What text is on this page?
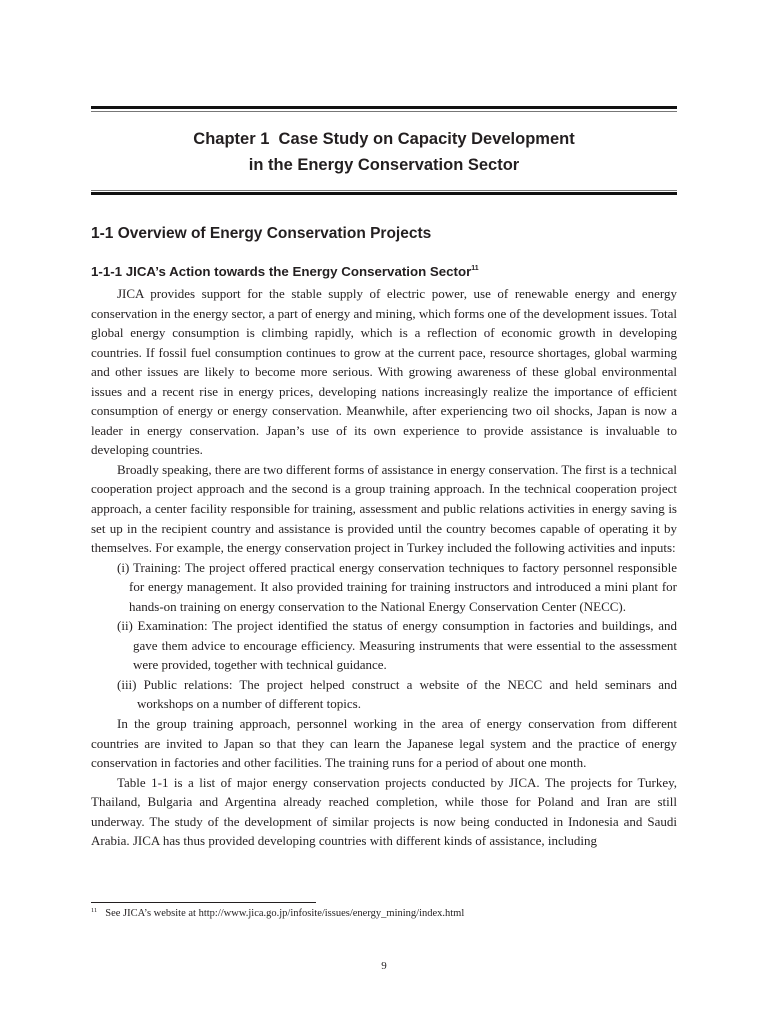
Chapter 1  Case Study on Capacity Development
in the Energy Conservation Sector
1-1 Overview of Energy Conservation Projects
1-1-1 JICA’s Action towards the Energy Conservation Sector$^{11}$

JICA provides support for the stable supply of electric power, use of renewable energy and energy conservation in the energy sector, a part of energy and mining, which forms one of the development issues. Total global energy consumption is climbing rapidly, which is a reflection of economic growth in developing countries. If fossil fuel consumption continues to grow at the current pace, resource shortages, global warming and other issues are likely to become more serious. With growing awareness of these global environmental issues and a recent rise in energy prices, developing nations increasingly realize the importance of efficient consumption of energy or energy conservation. Meanwhile, after experiencing two oil shocks, Japan is now a leader in energy conservation. Japan’s use of its own experience to provide assistance is invaluable to developing countries.

Broadly speaking, there are two different forms of assistance in energy conservation. The first is a technical cooperation project approach and the second is a group training approach. In the technical cooperation project approach, a center facility responsible for training, assessment and public relations activities in energy saving is set up in the recipient country and assistance is provided until the country becomes capable of operating it by themselves. For example, the energy conservation project in Turkey included the following activities and inputs:

(i) Training: The project offered practical energy conservation techniques to factory personnel responsible for energy management. It also provided training for training instructors and introduced a mini plant for hands-on training on energy conservation to the National Energy Conservation Center (NECC).

(ii) Examination: The project identified the status of energy consumption in factories and buildings, and gave them advice to encourage efficiency. Measuring instruments that were essential to the assessment were provided, together with technical guidance.

(iii) Public relations: The project helped construct a website of the NECC and held seminars and workshops on a number of different topics.

In the group training approach, personnel working in the area of energy conservation from different countries are invited to Japan so that they can learn the Japanese legal system and the practice of energy conservation in factories and other facilities. The training runs for a period of about one month.

Table 1-1 is a list of major energy conservation projects conducted by JICA. The projects for Turkey, Thailand, Bulgaria and Argentina already reached completion, while those for Poland and Iran are still underway. The study of the development of similar projects is now being conducted in Indonesia and Saudi Arabia. JICA has thus provided developing countries with different kinds of assistance, including

$^{11}$ See JICA’s website at http://www.jica.go.jp/infosite/issues/energy_mining/index.html
9
